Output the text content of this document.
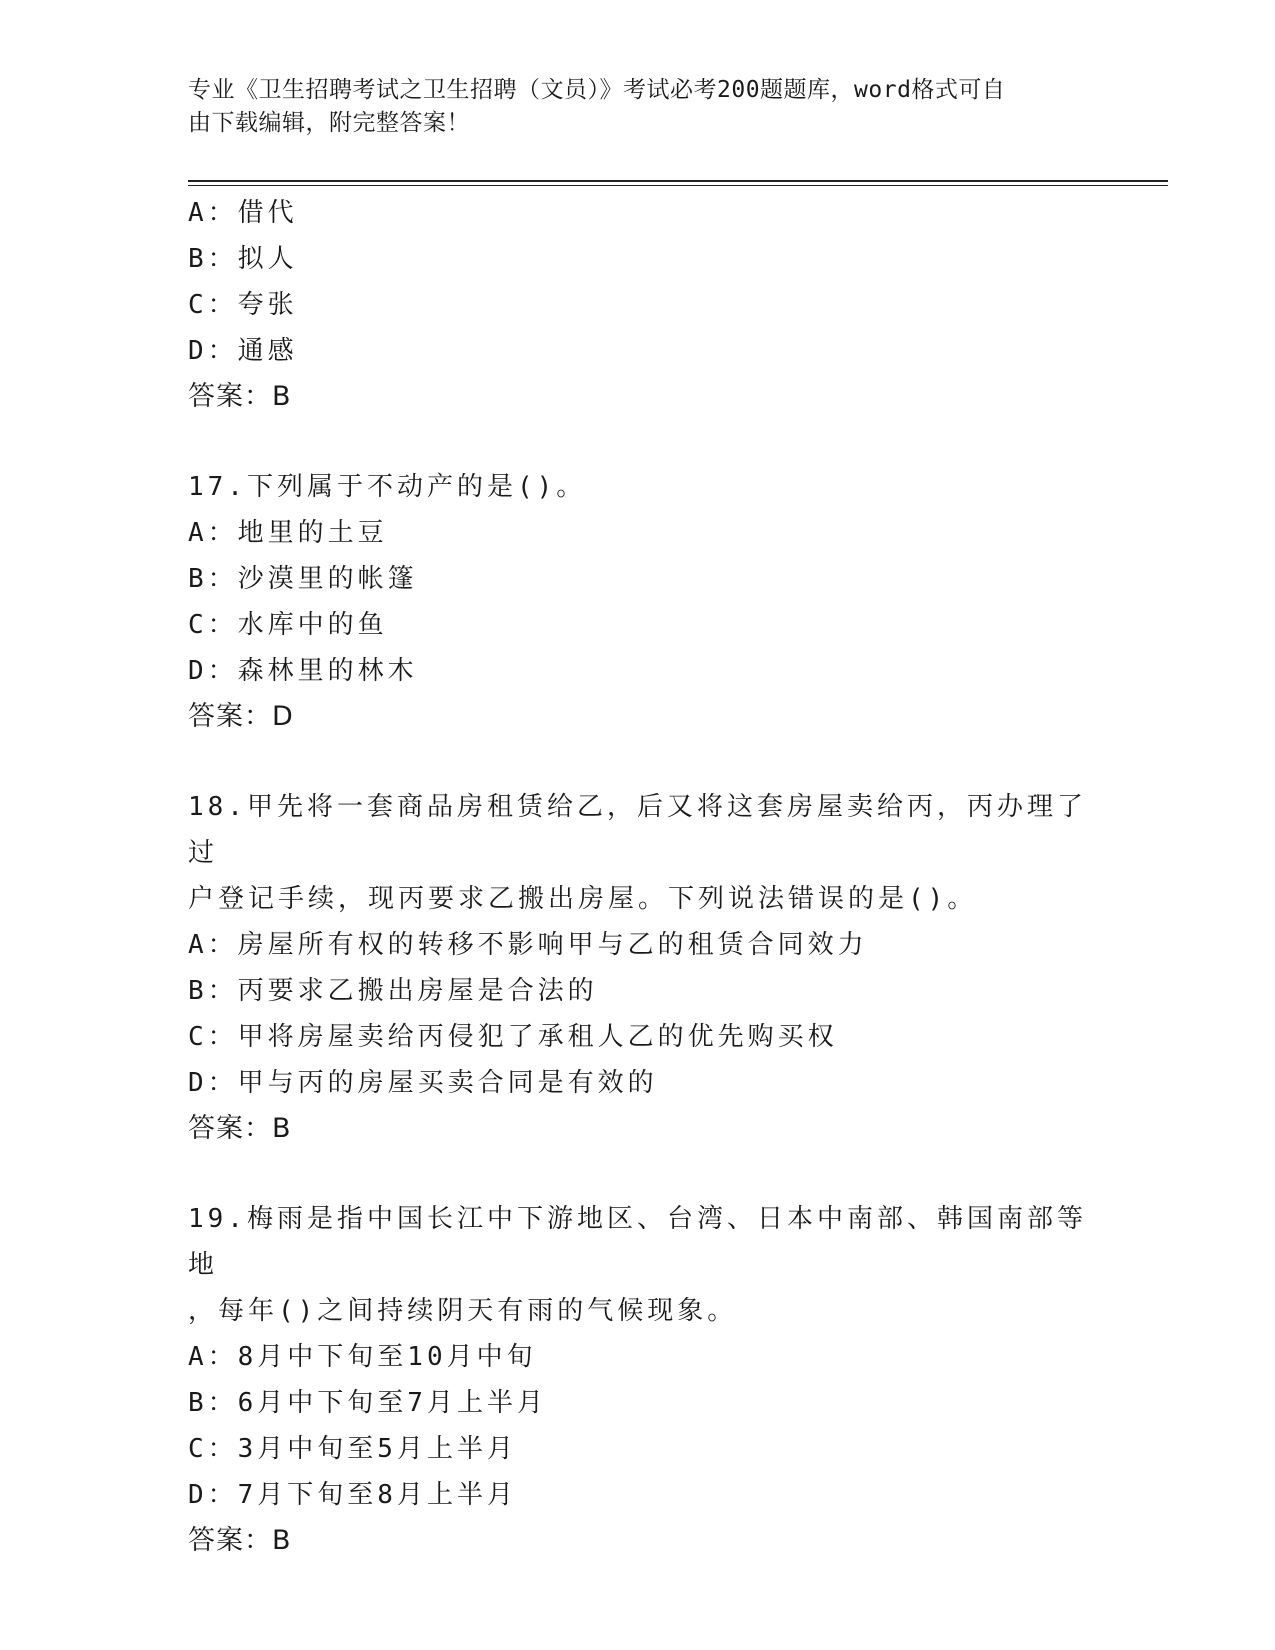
专业《卫生招聘考试之卫生招聘（文员）》考试必考200题题库，word格式可自
由下载编辑，附完整答案！
A：借代
B：拟人
C：夸张
D：通感
答案：B
17.下列属于不动产的是()。
A：地里的土豆
B：沙漠里的帐篷
C：水库中的鱼
D：森林里的林木
答案：D
18.甲先将一套商品房租赁给乙，后又将这套房屋卖给丙，丙办理了过
户登记手续，现丙要求乙搬出房屋。下列说法错误的是()。
A：房屋所有权的转移不影响甲与乙的租赁合同效力
B：丙要求乙搬出房屋是合法的
C：甲将房屋卖给丙侵犯了承租人乙的优先购买权
D：甲与丙的房屋买卖合同是有效的
答案：B
19.梅雨是指中国长江中下游地区、台湾、日本中南部、韩国南部等地
，每年()之间持续阴天有雨的气候现象。
A：8月中下旬至10月中旬
B：6月中下旬至7月上半月
C：3月中旬至5月上半月
D：7月下旬至8月上半月
答案：B
